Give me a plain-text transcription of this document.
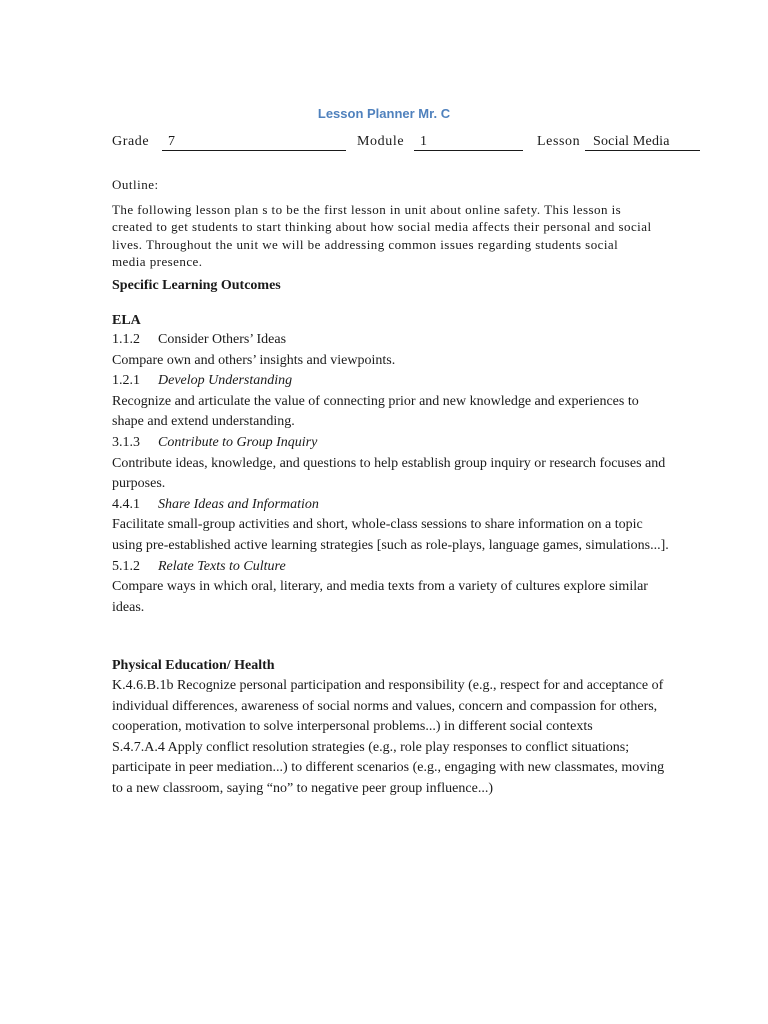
Lesson Planner Mr. C
Grade	7	Module	1	Lesson Social Media
Outline:
The following lesson plan s to be the first lesson in unit about online safety. This lesson is created to get students to start thinking about how social media affects their personal and social lives. Throughout the unit we will be addressing common issues regarding students social media presence.
Specific Learning Outcomes
ELA
1.1.2 Consider Others’ Ideas
Compare own and others’ insights and viewpoints.
1.2.1 Develop Understanding
Recognize and articulate the value of connecting prior and new knowledge and experiences to shape and extend understanding.
3.1.3 Contribute to Group Inquiry
Contribute ideas, knowledge, and questions to help establish group inquiry or research focuses and purposes.
4.4.1 Share Ideas and Information
Facilitate small-group activities and short, whole-class sessions to share information on a topic using pre-established active learning strategies [such as role-plays, language games, simulations...].
5.1.2 Relate Texts to Culture
Compare ways in which oral, literary, and media texts from a variety of cultures explore similar ideas.
Physical Education/ Health

K.4.6.B.1b Recognize personal participation and responsibility (e.g., respect for and acceptance of individual differences, awareness of social norms and values, concern and compassion for others, cooperation, motivation to solve interpersonal problems...) in different social contexts

S.4.7.A.4 Apply conflict resolution strategies (e.g., role play responses to conflict situations; participate in peer mediation...) to different scenarios (e.g., engaging with new classmates, moving to a new classroom, saying “no” to negative peer group influence...)
